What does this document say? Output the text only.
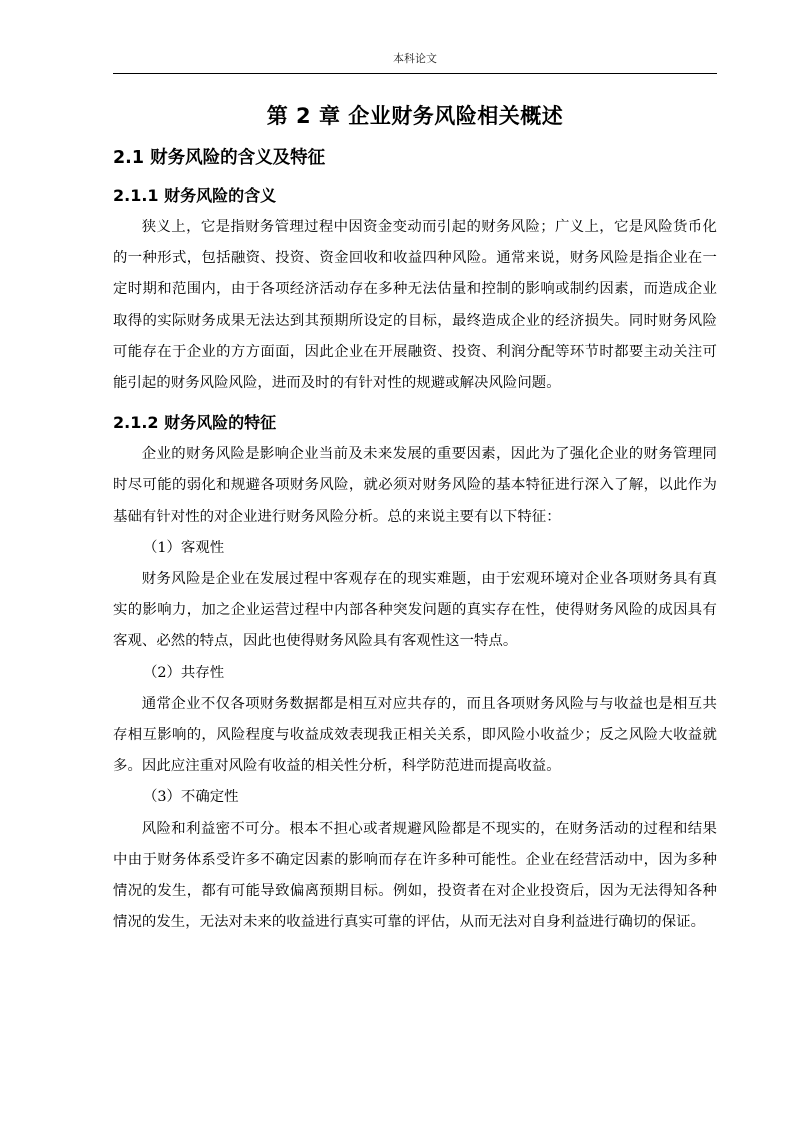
本科论文
第 2 章 企业财务风险相关概述
2.1 财务风险的含义及特征
2.1.1 财务风险的含义

狭义上，它是指财务管理过程中因资金变动而引起的财务风险；广义上，它是风险货币化的一种形式，包括融资、投资、资金回收和收益四种风险。通常来说，财务风险是指企业在一定时期和范围内，由于各项经济活动存在多种无法估量和控制的影响或制约因素，而造成企业取得的实际财务成果无法达到其预期所设定的目标，最终造成企业的经济损失。同时财务风险可能存在于企业的方方面面，因此企业在开展融资、投资、利润分配等环节时都要主动关注可能引起的财务风险风险，进而及时的有针对性的规避或解决风险问题。

2.1.2 财务风险的特征

企业的财务风险是影响企业当前及未来发展的重要因素，因此为了强化企业的财务管理同时尽可能的弱化和规避各项财务风险，就必须对财务风险的基本特征进行深入了解，以此作为基础有针对性的对企业进行财务风险分析。总的来说主要有以下特征：

（1）客观性

财务风险是企业在发展过程中客观存在的现实难题，由于宏观环境对企业各项财务具有真实的影响力，加之企业运营过程中内部各种突发问题的真实存在性，使得财务风险的成因具有客观、必然的特点，因此也使得财务风险具有客观性这一特点。

（2）共存性

通常企业不仅各项财务数据都是相互对应共存的，而且各项财务风险与与收益也是相互共存相互影响的，风险程度与收益成效表现我正相关关系，即风险小收益少；反之风险大收益就多。因此应注重对风险有收益的相关性分析，科学防范进而提高收益。

（3）不确定性

风险和利益密不可分。根本不担心或者规避风险都是不现实的，在财务活动的过程和结果中由于财务体系受许多不确定因素的影响而存在许多种可能性。企业在经营活动中，因为多种情况的发生，都有可能导致偏离预期目标。例如，投资者在对企业投资后，因为无法得知各种情况的发生，无法对未来的收益进行真实可靠的评估，从而无法对自身利益进行确切的保证。
